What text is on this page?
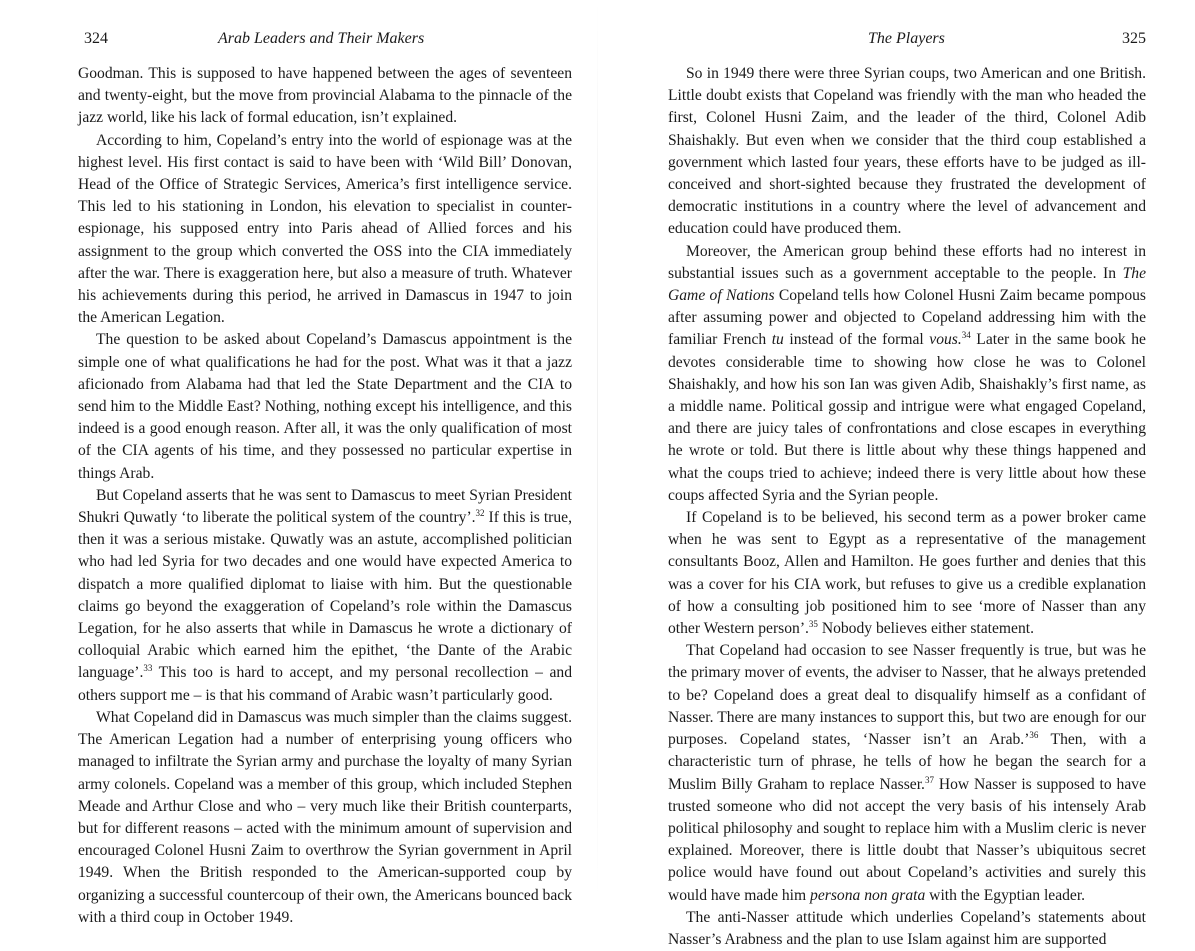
324	Arab Leaders and Their Makers

Goodman. This is supposed to have happened between the ages of seventeen and twenty-eight, but the move from provincial Alabama to the pinnacle of the jazz world, like his lack of formal education, isn’t explained.

According to him, Copeland’s entry into the world of espionage was at the highest level. His first contact is said to have been with ‘Wild Bill’ Donovan, Head of the Office of Strategic Services, America’s first intelligence service. This led to his stationing in London, his elevation to specialist in counter-espionage, his supposed entry into Paris ahead of Allied forces and his assignment to the group which converted the OSS into the CIA immediately after the war. There is exaggeration here, but also a measure of truth. Whatever his achievements during this period, he arrived in Damascus in 1947 to join the American Legation.

The question to be asked about Copeland’s Damascus appointment is the simple one of what qualifications he had for the post. What was it that a jazz aficionado from Alabama had that led the State Department and the CIA to send him to the Middle East? Nothing, nothing except his intelligence, and this indeed is a good enough reason. After all, it was the only qualification of most of the CIA agents of his time, and they possessed no particular expertise in things Arab.

But Copeland asserts that he was sent to Damascus to meet Syrian President Shukri Quwatly ‘to liberate the political system of the country’.$^{32}$ If this is true, then it was a serious mistake. Quwatly was an astute, accomplished politician who had led Syria for two decades and one would have expected America to dispatch a more qualified diplomat to liaise with him. But the questionable claims go beyond the exaggeration of Copeland’s role within the Damascus Legation, for he also asserts that while in Damascus he wrote a dictionary of colloquial Arabic which earned him the epithet, ‘the Dante of the Arabic language’.$^{33}$ This too is hard to accept, and my personal recollection – and others support me – is that his command of Arabic wasn’t particularly good.

What Copeland did in Damascus was much simpler than the claims suggest. The American Legation had a number of enterprising young officers who managed to infiltrate the Syrian army and purchase the loyalty of many Syrian army colonels. Copeland was a member of this group, which included Stephen Meade and Arthur Close and who – very much like their British counterparts, but for different reasons – acted with the minimum amount of supervision and encouraged Colonel Husni Zaim to overthrow the Syrian government in April 1949. When the British responded to the American-supported coup by organizing a successful countercoup of their own, the Americans bounced back with a third coup in October 1949.

The Players	325

So in 1949 there were three Syrian coups, two American and one British. Little doubt exists that Copeland was friendly with the man who headed the first, Colonel Husni Zaim, and the leader of the third, Colonel Adib Shaishakly. But even when we consider that the third coup established a government which lasted four years, these efforts have to be judged as ill-conceived and short-sighted because they frustrated the development of democratic institutions in a country where the level of advancement and education could have produced them.

Moreover, the American group behind these efforts had no interest in substantial issues such as a government acceptable to the people. In The Game of Nations Copeland tells how Colonel Husni Zaim became pompous after assuming power and objected to Copeland addressing him with the familiar French tu instead of the formal vous.$^{34}$ Later in the same book he devotes considerable time to showing how close he was to Colonel Shaishakly, and how his son Ian was given Adib, Shaishakly’s first name, as a middle name. Political gossip and intrigue were what engaged Copeland, and there are juicy tales of confrontations and close escapes in everything he wrote or told. But there is little about why these things happened and what the coups tried to achieve; indeed there is very little about how these coups affected Syria and the Syrian people.

If Copeland is to be believed, his second term as a power broker came when he was sent to Egypt as a representative of the management consultants Booz, Allen and Hamilton. He goes further and denies that this was a cover for his CIA work, but refuses to give us a credible explanation of how a consulting job positioned him to see ‘more of Nasser than any other Western person’.$^{35}$ Nobody believes either statement.

That Copeland had occasion to see Nasser frequently is true, but was he the primary mover of events, the adviser to Nasser, that he always pretended to be? Copeland does a great deal to disqualify himself as a confidant of Nasser. There are many instances to support this, but two are enough for our purposes. Copeland states, ‘Nasser isn’t an Arab.’$^{36}$ Then, with a characteristic turn of phrase, he tells of how he began the search for a Muslim Billy Graham to replace Nasser.$^{37}$ How Nasser is supposed to have trusted someone who did not accept the very basis of his intensely Arab political philosophy and sought to replace him with a Muslim cleric is never explained. Moreover, there is little doubt that Nasser’s ubiquitous secret police would have found out about Copeland’s activities and surely this would have made him persona non grata with the Egyptian leader.

The anti-Nasser attitude which underlies Copeland’s statements about Nasser’s Arabness and the plan to use Islam against him are supported
